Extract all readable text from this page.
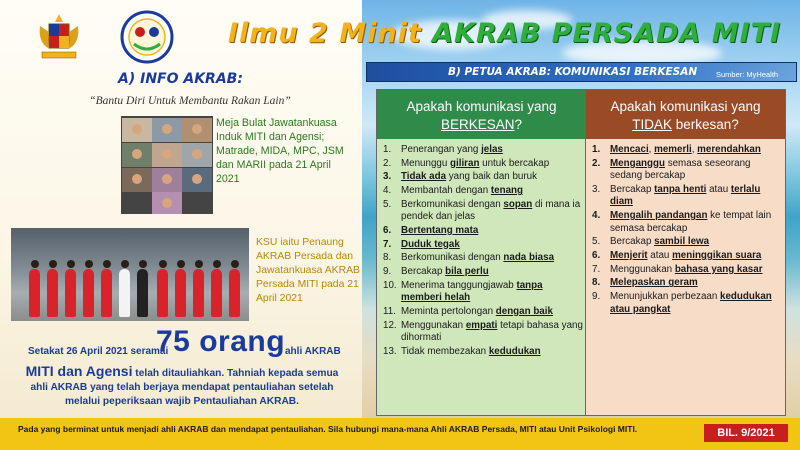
Ilmu 2 Minit AKRAB PERSADA MITI
A) INFO AKRAB:
“Bantu Diri Untuk Membantu Rakan Lain”
Meja Bulat Jawatankuasa Induk MITI dan Agensi; Matrade, MIDA, MPC, JSM dan MARII pada 21 April 2021
KSU iaitu Penaung AKRAB Persada dan Jawatankuasa AKRAB Persada MITI pada 21 April 2021
Setakat 26 April 2021 seramai
75 orang ahli AKRAB
MITI dan Agensi telah ditauliahkan. Tahniah kepada semua
ahli AKRAB yang telah berjaya mendapat pentauliahan setelah
melalui peperiksaan wajib Pentauliahan AKRAB.
B) PETUA AKRAB: KOMUNIKASI BERKESAN	Sumber: MyHealth
Apakah komunikasi yang
BERKESAN?
Apakah komunikasi yang
TIDAK berkesan?
1. Penerangan yang jelas
2. Menunggu giliran untuk bercakap
3. Tidak ada yang baik dan buruk
4. Membantah dengan tenang
5. Berkomunikasi dengan sopan di mana ia pendek dan jelas
6. Bertentang mata
7. Duduk tegak
8. Berkomunikasi dengan nada biasa
9. Bercakap bila perlu
10. Menerima tanggungjawab tanpa memberi helah
11. Meminta pertolongan dengan baik
12. Menggunakan empati tetapi bahasa yang dihormati
13. Tidak membezakan kedudukan
1. Mencaci, memerli, merendahkan
2. Menganggu semasa seseorang sedang bercakap
3. Bercakap tanpa henti atau terlalu diam
4. Mengalih pandangan ke tempat lain semasa bercakap
5. Bercakap sambil lewa
6. Menjerit atau meninggikan suara
7. Menggunakan bahasa yang kasar
8. Melepaskan geram
9. Menunjukkan perbezaan kedudukan atau pangkat
Pada yang berminat untuk menjadi ahli AKRAB dan mendapat pentauliahan. Sila hubungi mana-mana Ahli AKRAB Persada, MITI atau Unit Psikologi MITI.	BIL. 9/2021
